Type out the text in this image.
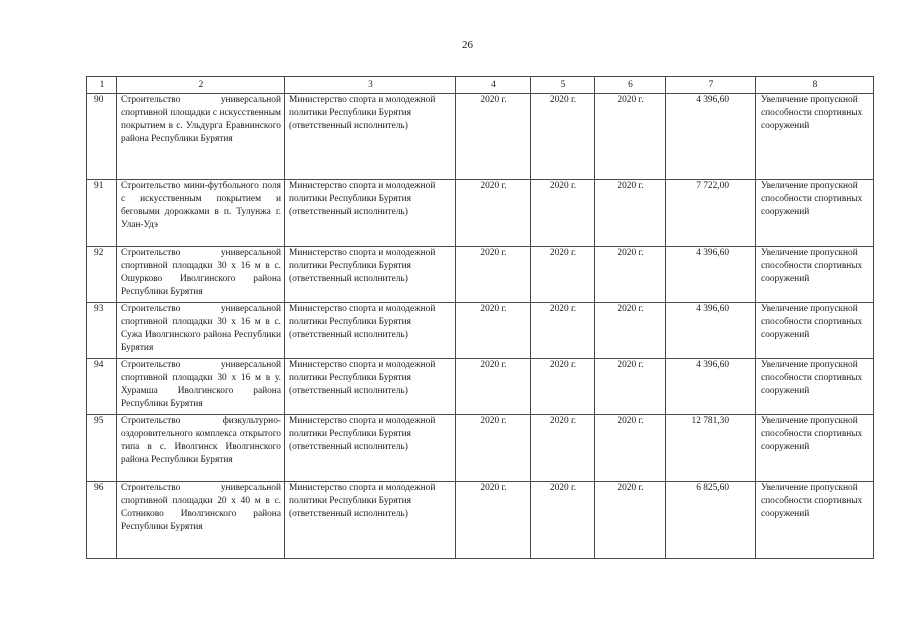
26
1	2	3	4	5	6	7	8
90	Строительство универсальной спортивной площадки с искусственным покрытием в с. Ульдурга Еравнинского района Республики Бурятия	Министерство спорта и молодежной политики Республики Бурятия (ответственный исполнитель)	2020 г.	2020 г.	2020 г.	4 396,60	Увеличение пропускной способности спортивных сооружений
91	Строительство мини-футбольного поля с искусственным покрытием и беговыми дорожками в п. Тулунжа г. Улан-Удэ	Министерство спорта и молодежной политики Республики Бурятия (ответственный исполнитель)	2020 г.	2020 г.	2020 г.	7 722,00	Увеличение пропускной способности спортивных сооружений
92	Строительство универсальной спортивной площадки 30 х 16 м в с. Ошурково Иволгинского района Республики Бурятия	Министерство спорта и молодежной политики Республики Бурятия (ответственный исполнитель)	2020 г.	2020 г.	2020 г.	4 396,60	Увеличение пропускной способности спортивных сооружений
93	Строительство универсальной спортивной площадки 30 х 16 м в с. Сужа Иволгинского района Республики Бурятия	Министерство спорта и молодежной политики Республики Бурятия (ответственный исполнитель)	2020 г.	2020 г.	2020 г.	4 396,60	Увеличение пропускной способности спортивных сооружений
94	Строительство универсальной спортивной площадки 30 х 16 м в у. Хурамша Иволгинского района Республики Бурятия	Министерство спорта и молодежной политики Республики Бурятия (ответственный исполнитель)	2020 г.	2020 г.	2020 г.	4 396,60	Увеличение пропускной способности спортивных сооружений
95	Строительство физкультурно-оздоровительного комплекса открытого типа в с. Иволгинск Иволгинского района Республики Бурятия	Министерство спорта и молодежной политики Республики Бурятия (ответственный исполнитель)	2020 г.	2020 г.	2020 г.	12 781,30	Увеличение пропускной способности спортивных сооружений
96	Строительство универсальной спортивной площадки 20 х 40 м в с. Сотниково Иволгинского района Республики Бурятия	Министерство спорта и молодежной политики Республики Бурятия (ответственный исполнитель)	2020 г.	2020 г.	2020 г.	6 825,60	Увеличение пропускной способности спортивных сооружений
